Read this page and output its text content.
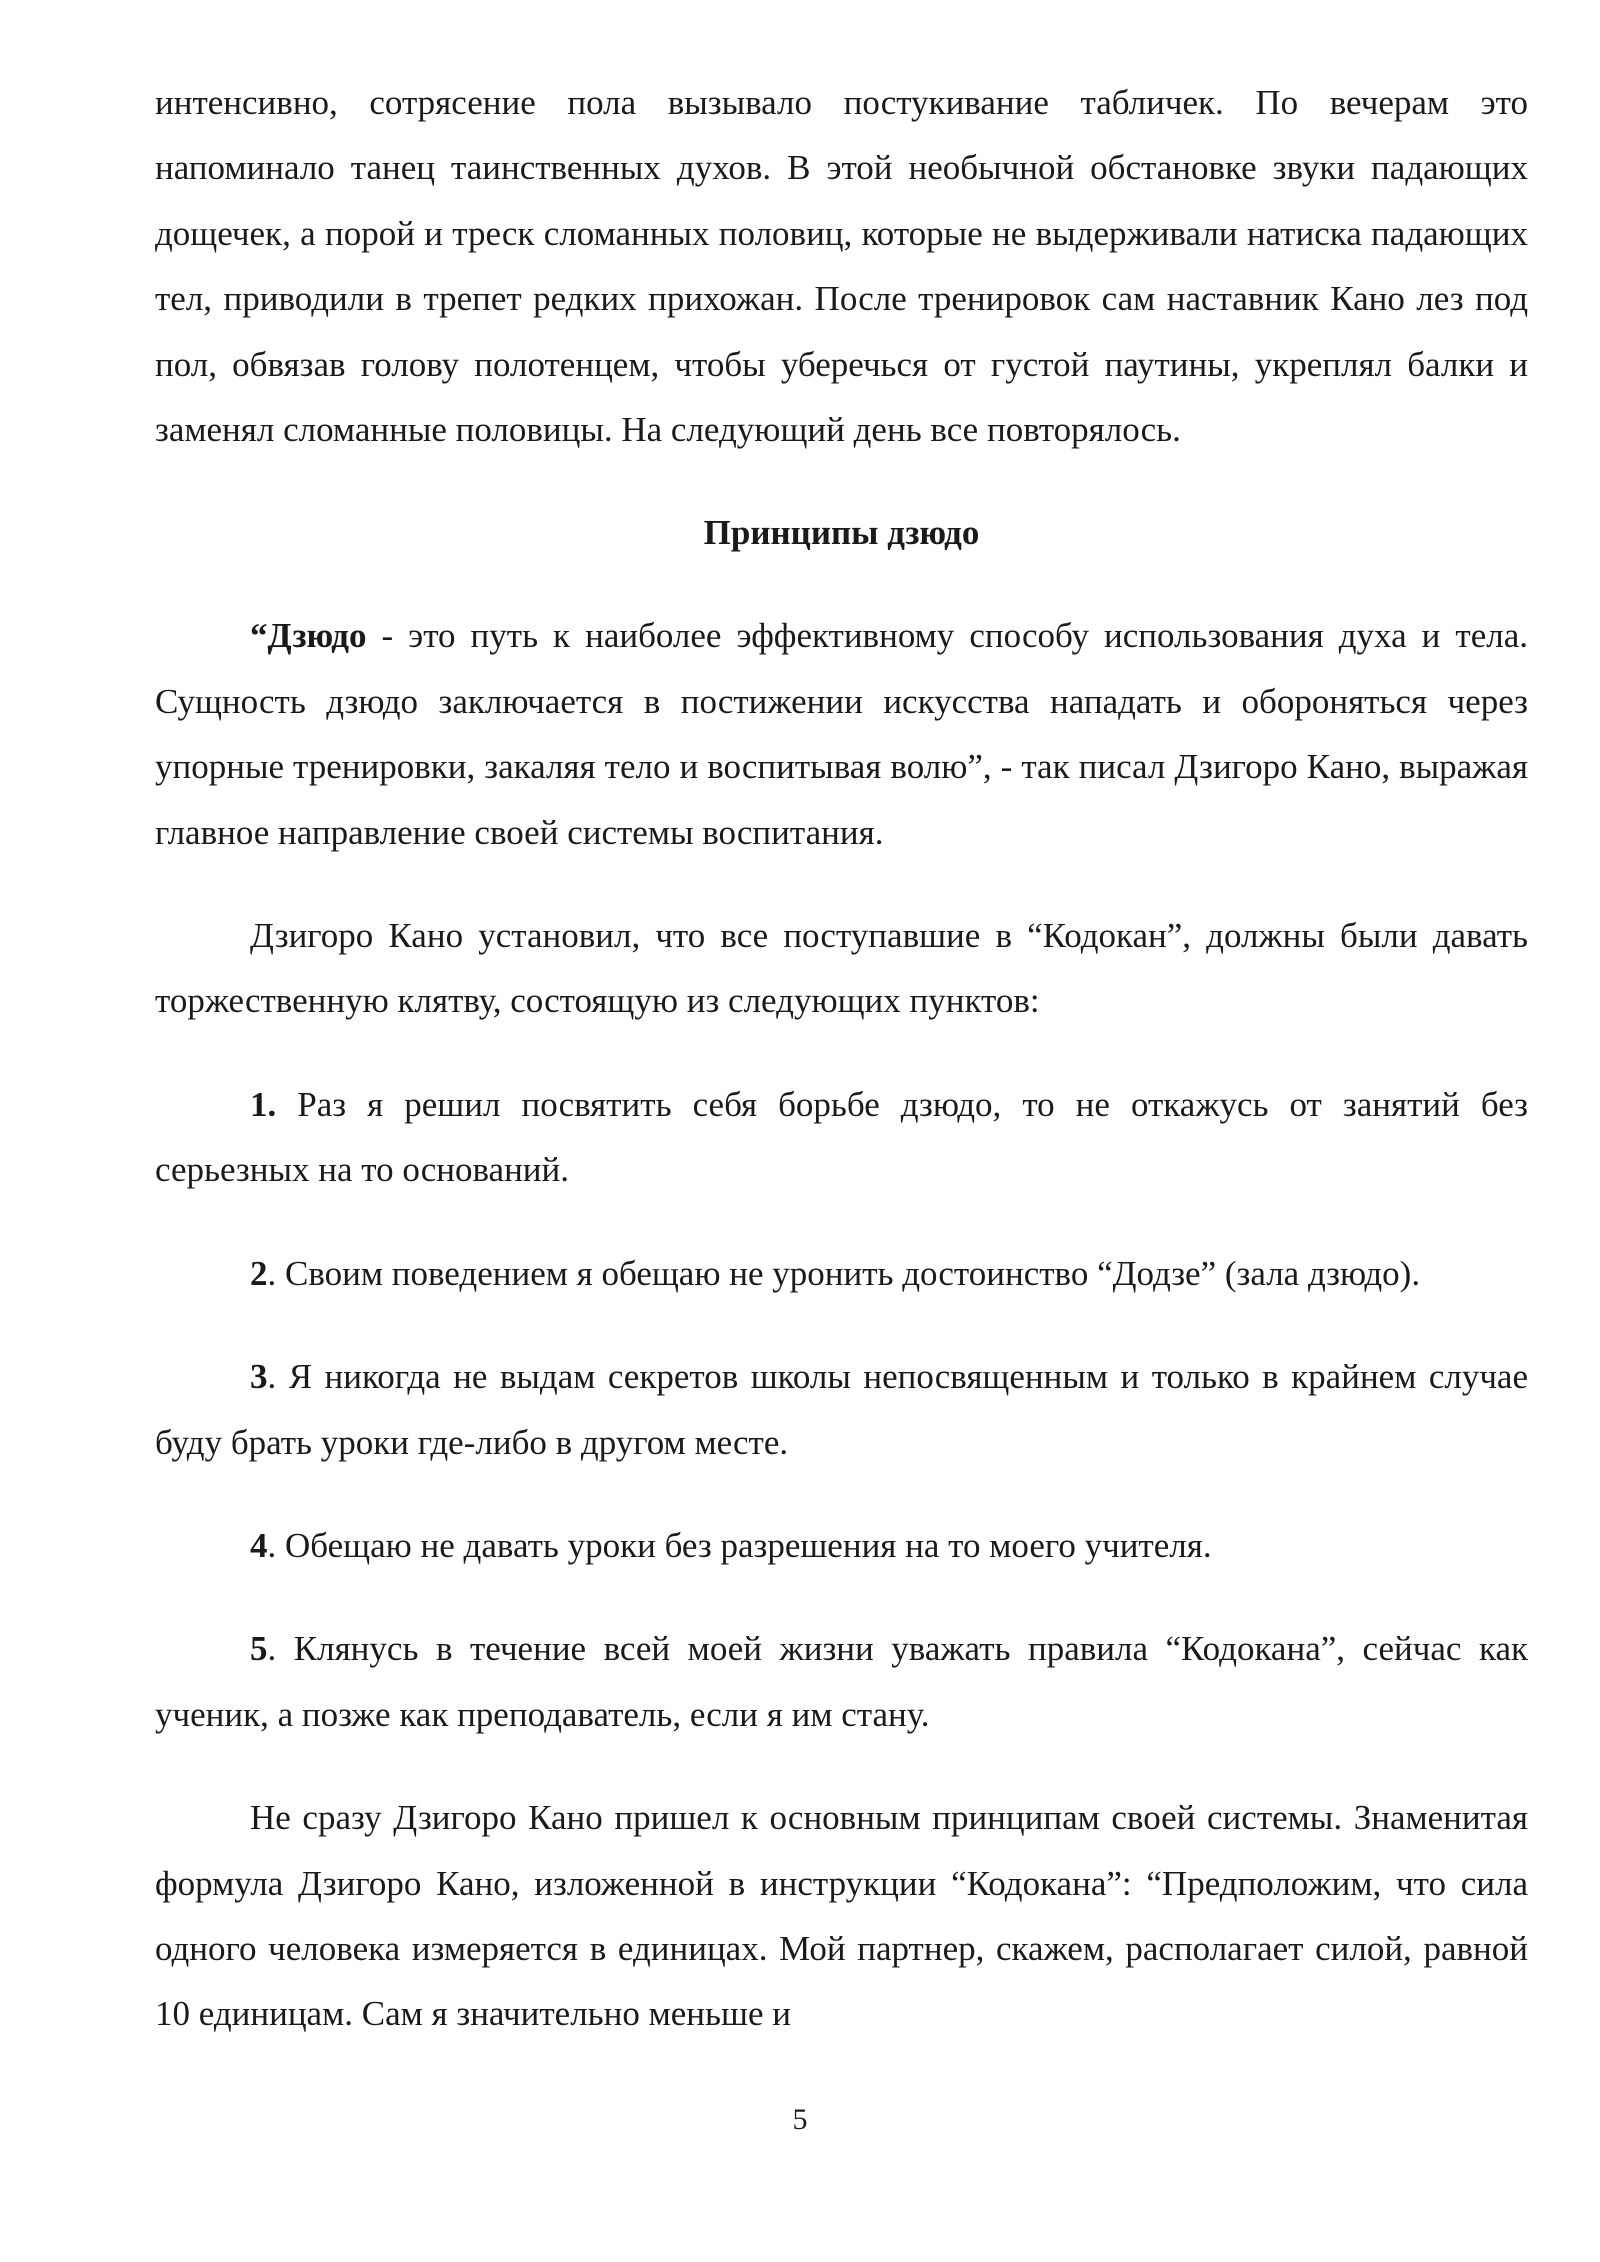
интенсивно, сотрясение пола вызывало постукивание табличек. По вечерам это напоминало танец таинственных духов. В этой необычной обстановке звуки падающих дощечек, а порой и треск сломанных половиц, которые не выдерживали натиска падающих тел, приводили в трепет редких прихожан. После тренировок сам наставник Кано лез под пол, обвязав голову полотенцем, чтобы уберечься от густой паутины, укреплял балки и заменял сломанные половицы. На следующий день все повторялось.

Принципы дзюдо

“Дзюдо - это путь к наиболее эффективному способу использования духа и тела. Сущность дзюдо заключается в постижении искусства нападать и обороняться через упорные тренировки, закаляя тело и воспитывая волю”, - так писал Дзигоро Кано, выражая главное направление своей системы воспитания.

Дзигоро Кано установил, что все поступавшие в “Кодокан”, должны были давать торжественную клятву, состоящую из следующих пунктов:

1. Раз я решил посвятить себя борьбе дзюдо, то не откажусь от занятий без серьезных на то оснований.

2. Своим поведением я обещаю не уронить достоинство “Додзе” (зала дзюдо).

3. Я никогда не выдам секретов школы непосвященным и только в крайнем случае буду брать уроки где-либо в другом месте.

4. Обещаю не давать уроки без разрешения на то моего учителя.

5. Клянусь в течение всей моей жизни уважать правила “Кодокана”, сейчас как ученик, а позже как преподаватель, если я им стану.

Не сразу Дзигоро Кано пришел к основным принципам своей системы. Знаменитая формула Дзигоро Кано, изложенной в инструкции “Кодокана”: “Предположим, что сила одного человека измеряется в единицах. Мой партнер, скажем, располагает силой, равной 10 единицам. Сам я значительно меньше и

5
